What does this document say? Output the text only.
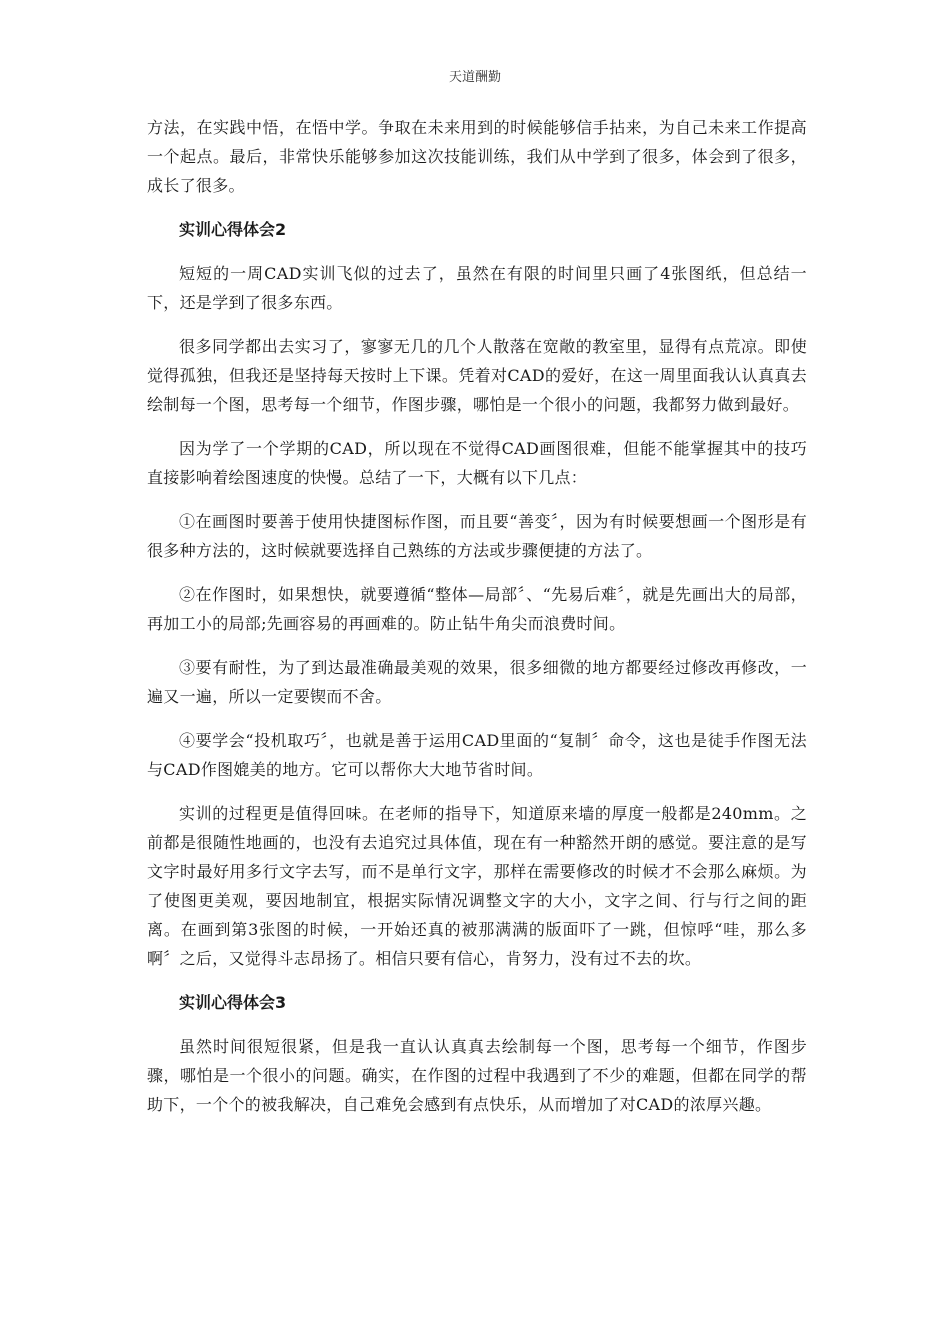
天道酬勤

方法，在实践中悟，在悟中学。争取在未来用到的时候能够信手拈来，为自己未来工作提高一个起点。最后，非常快乐能够参加这次技能训练，我们从中学到了很多，体会到了很多，成长了很多。

实训心得体会2

短短的一周CAD实训飞似的过去了，虽然在有限的时间里只画了4张图纸，但总结一下，还是学到了很多东西。

很多同学都出去实习了，寥寥无几的几个人散落在宽敞的教室里，显得有点荒凉。即使觉得孤独，但我还是坚持每天按时上下课。凭着对CAD的爱好，在这一周里面我认认真真去绘制每一个图，思考每一个细节，作图步骤，哪怕是一个很小的问题，我都努力做到最好。

因为学了一个学期的CAD，所以现在不觉得CAD画图很难，但能不能掌握其中的技巧直接影响着绘图速度的快慢。总结了一下，大概有以下几点：

①在画图时要善于使用快捷图标作图，而且要“善变〞，因为有时候要想画一个图形是有很多种方法的，这时候就要选择自己熟练的方法或步骤便捷的方法了。

②在作图时，如果想快，就要遵循“整体—局部〞、“先易后难〞，就是先画出大的局部，再加工小的局部;先画容易的再画难的。防止钻牛角尖而浪费时间。

③要有耐性，为了到达最准确最美观的效果，很多细微的地方都要经过修改再修改，一遍又一遍，所以一定要锲而不舍。

④要学会“投机取巧〞，也就是善于运用CAD里面的“复制〞命令，这也是徒手作图无法与CAD作图媲美的地方。它可以帮你大大地节省时间。

实训的过程更是值得回味。在老师的指导下，知道原来墙的厚度一般都是240mm。之前都是很随性地画的，也没有去追究过具体值，现在有一种豁然开朗的感觉。要注意的是写文字时最好用多行文字去写，而不是单行文字，那样在需要修改的时候才不会那么麻烦。为了使图更美观，要因地制宜，根据实际情况调整文字的大小，文字之间、行与行之间的距离。在画到第3张图的时候，一开始还真的被那满满的版面吓了一跳，但惊呼“哇，那么多啊〞之后，又觉得斗志昂扬了。相信只要有信心，肯努力，没有过不去的坎。

实训心得体会3

虽然时间很短很紧，但是我一直认认真真去绘制每一个图，思考每一个细节，作图步骤，哪怕是一个很小的问题。确实，在作图的过程中我遇到了不少的难题，但都在同学的帮助下，一个个的被我解决，自己难免会感到有点快乐，从而增加了对CAD的浓厚兴趣。
